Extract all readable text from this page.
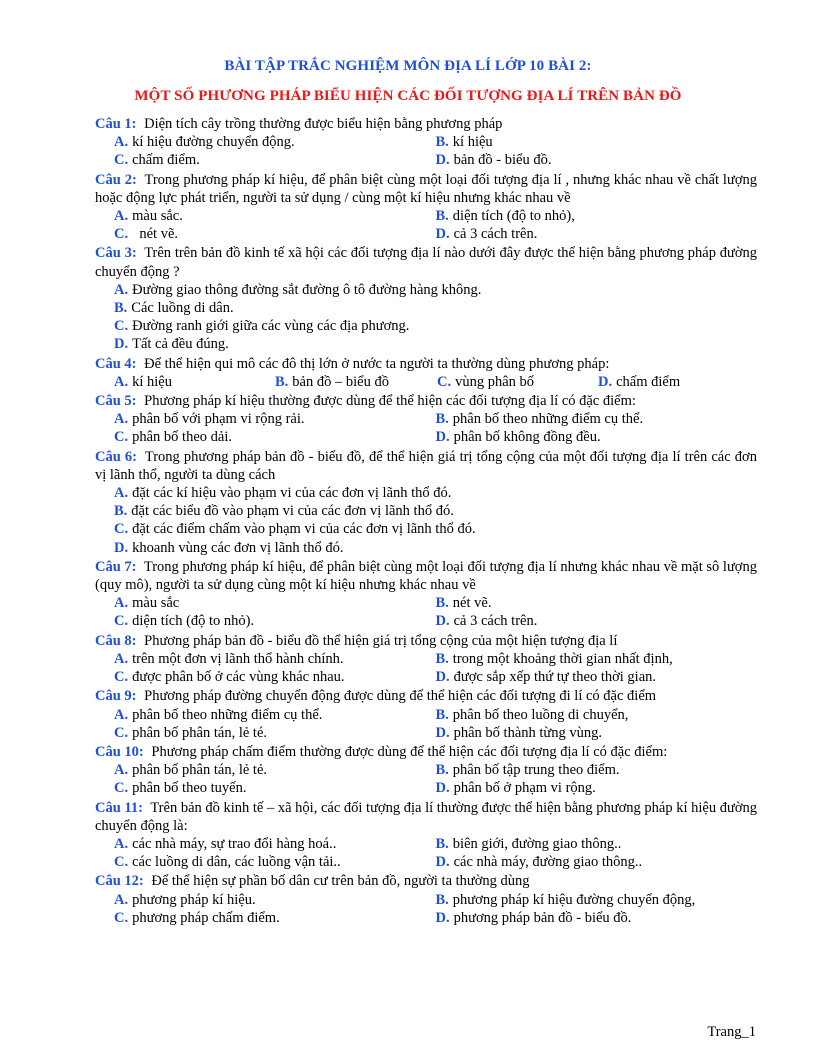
BÀI TẬP TRẮC NGHIỆM MÔN ĐỊA LÍ LỚP 10 BÀI 2:
MỘT SỐ PHƯƠNG PHÁP BIỂU HIỆN CÁC ĐỐI TƯỢNG ĐỊA LÍ TRÊN BẢN ĐỒ
Câu 1: Diện tích cây trồng thường được biểu hiện bằng phương pháp
A. kí hiệu đường chuyển động.	B. kí hiệu
C. chấm điểm.	D. bản đồ - biểu đồ.
Câu 2: Trong phương pháp kí hiệu, để phân biệt cùng một loại đối tượng địa lí , nhưng khác nhau về chất lượng hoặc động lực phát triển, người ta sử dụng / cùng một kí hiệu nhưng khác nhau về
A. màu sắc.	B. diện tích (độ to nhỏ),
C.  nét vẽ.	D. cả 3 cách trên.
Câu 3: Trên trên bản đồ kinh tế xã hội các đối tượng địa lí nào dưới đây được thể hiện bằng phương pháp đường chuyển động ?
A. Đường giao thông đường sắt đường ô tô đường hàng không.
B. Các luồng di dân.
C. Đường ranh giới giữa các vùng các địa phương.
D. Tất cả đều đúng.
Câu 4: Để thể hiện qui mô các đô thị lớn ở nước ta người ta thường dùng phương pháp:
A. kí hiệu	B. bản đồ – biểu đồ	C. vùng phân bố	D. chấm điểm
Câu 5: Phương pháp kí hiệu thường được dùng để thể hiện các đối tượng địa lí có đặc điểm:
A. phân bố với phạm vi rộng rải.	B. phân bố theo những điểm cụ thể.
C. phân bố theo dải.	D. phân bố không đồng đều.
Câu 6: Trong phương pháp bản đồ - biểu đồ, để thể hiện giá trị tổng cộng của một đối tượng địa lí trên các đơn vị lãnh thổ, người ta dùng cách
A. đặt các kí hiệu vào phạm vi của các đơn vị lãnh thổ đó.
B. đặt các biểu đồ vào phạm vi của các đơn vị lãnh thổ đó.
C. đặt các điểm chấm vào phạm vi của các đơn vị lãnh thổ đó.
D. khoanh vùng các đơn vị lãnh thổ đó.
Câu 7: Trong phương pháp kí hiệu, để phân biệt cùng một loại đối tượng địa lí nhưng khác nhau về mặt sô lượng (quy mô), người ta sử dụng cùng một kí hiệu nhưng khác nhau về
A. màu sắc	B. nét vẽ.
C. diện tích (độ to nhỏ).	D. cả 3 cách trên.
Câu 8: Phương pháp bản đồ - biểu đồ thể hiện giá trị tổng cộng của một hiện tượng địa lí
A. trên một đơn vị lãnh thổ hành chính.	B. trong một khoảng thời gian nhất định,
C. được phân bố ở các vùng khác nhau.	D. được sắp xếp thứ tự theo thời gian.
Câu 9: Phương pháp đường chuyển động được dùng để thể hiện các đối tượng đi lí có đặc điểm
A. phân bố theo những điểm cụ thể.	B. phân bố theo luồng di chuyển,
C. phân bố phân tán, lẻ té.	D. phân bố thành từng vùng.
Câu 10: Phương pháp chấm điểm thường được dùng để thể hiện các đối tượng địa lí có đặc điểm:
A. phân bố phân tán, lẻ tẻ.	B. phân bố tập trung theo điểm.
C. phân bố theo tuyến.	D. phân bố ở phạm vi rộng.
Câu 11: Trên bản đồ kinh tế – xã hội, các đối tượng địa lí thường được thể hiện bằng phương pháp kí hiệu đường chuyển động là:
A. các nhà máy, sự trao đổi hàng hoá..	B. biên giới, đường giao thông..
C. các luồng di dân, các luồng vận tải..	D. các nhà máy, đường giao thông..
Câu 12: Để thể hiện sự phần bố dân cư trên bản đồ, người ta thường dùng
A. phương pháp kí hiệu.	B. phương pháp kí hiệu đường chuyển động,
C. phương pháp chấm điểm.	D. phương pháp bản đồ - biểu đồ.
Trang_1
